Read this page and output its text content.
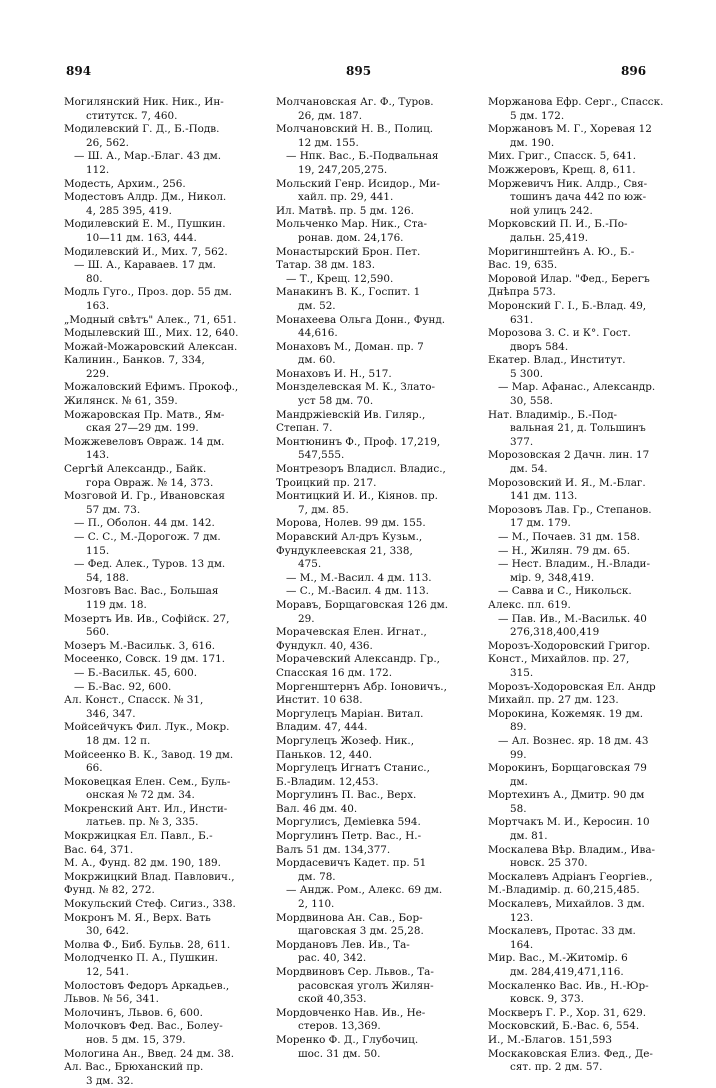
894	895	896
Могилянский Ник. Ник., Ин-
ститутск. 7, 460.
Модилевский Г. Д., Б.-Подв.
26, 562.
— Ш. А., Мар.-Благ. 43 дм.
112.
Модесть, Архим., 256.
Модестовъ Алдр. Дм., Никол.
4, 285 395, 419.
Модилевский Е. М., Пушкин.
10—11 дм. 163, 444.
Модилевский И., Мих. 7, 562.
— Ш. А., Караваев. 17 дм.
80.
Модль Гуго., Проз. дор. 55 дм.
163.
„Модный свѣтъ" Алек., 71, 651.
Модылевский Ш., Мих. 12, 640.
Можай-Можаровский Алексан.
Калинин., Банков. 7, 334,
229.
Можаловский Ефимъ. Прокоф.,
Жилянск. № 61, 359.
Можаровская Пр. Матв., Ям-
ская 27—29 дм. 199.
Можжевеловъ Овраж. 14 дм.
143.
Сергѣй Александр., Байк.
гора Овраж. № 14, 373.
Мозговой И. Гр., Ивановская
57 дм. 73.
— П., Оболон. 44 дм. 142.
— С. С., М.-Дорогож. 7 дм.
115.
— Фед. Алек., Туров. 13 дм.
54, 188.
Мозговъ Вас. Вас., Большая
119 дм. 18.
Мозертъ Ив. Ив., Софійск. 27,
560.
Мозеръ М.-Васильк. 3, 616.
Мосеенко, Совск. 19 дм. 171.
— Б.-Васильк. 45, 600.
— Б.-Вас. 92, 600.
Ал. Конст., Спасск. № 31,
346, 347.
Мойсейчукъ Фил. Лук., Мокр.
18 дм. 12 п.
Мойсеенко В. К., Завод. 19 дм.
66.
Моковецкая Елен. Сем., Буль-
онская № 72 дм. 34.
Мокренский Ант. Ил., Инсти-
латьев. пр. № 3, 335.
Мокржицкая Ел. Павл., Б.-
Вас. 64, 371.
М. А., Фунд. 82 дм. 190, 189.
Мокржицкий Влад. Павлович.,
Фунд. № 82, 272.
Мокульский Стеф. Сигиз., 338.
Мокронъ М. Я., Верх. Вать
30, 642.
Молва Ф., Биб. Бульв. 28, 611.
Молодченко П. А., Пушкин.
12, 541.
Молостовъ Федоръ Аркадьев.,
Львов. № 56, 341.
Молочинъ, Львов. 6, 600.
Молочковъ Фед. Вас., Болеу-
нов. 5 дм. 15, 379.
Мологина Ан., Введ. 24 дм. 38.
Ал. Вас., Брюханский пр.
3 дм. 32.
Молчановская Аг. Ф., Туров.
26, дм. 187.
Молчановский Н. В., Полиц.
12 дм. 155.
— Нпк. Вас., Б.-Подвальная
19, 247,205,275.
Мольский Генр. Исидор., Ми-
хайл. пр. 29, 441.
Ил. Матвѣ. пр. 5 дм. 126.
Мольченко Мар. Ник., Ста-
ронав. дом. 24,176.
Монастырский Брон. Пет.
Татар. 38 дм. 183.
— Т., Крещ. 12,590.
Манакинъ В. К., Госпит. 1
дм. 52.
Монахеева Ольга Донн., Фунд.
44,616.
Монаховъ М., Доман. пр. 7
дм. 60.
Монаховъ И. Н., 517.
Монзделевская М. К., Злато-
уст 58 дм. 70.
Мандржіевскій Ив. Гиляр.,
Степан. 7.
Монтюнинъ Ф., Проф. 17,219,
547,555.
Монтрезоръ Владисл. Владис.,
Троицкий пр. 217.
Монтицкий И. И., Кіянов. пр.
7, дм. 85.
Морова, Нолев. 99 дм. 155.
Моравский Ал-дръ Кузьм.,
Фундуклеевская 21, 338,
475.
— М., М.-Васил. 4 дм. 113.
— С., М.-Васил. 4 дм. 113.
Моравъ, Борщаговская 126 дм.
29.
Морачевская Елен. Игнат.,
Фундукл. 40, 436.
Морачевский Александр. Гр.,
Спасская 16 дм. 172.
Моргенштернъ Абр. Іоновичъ.,
Инстит. 10 638.
Моргулецъ Маріан. Витал.
Владим. 47, 444.
Моргулецъ Жозеф. Ник.,
Паньков. 12, 440.
Моргулецъ Игнатъ Станис.,
Б.-Владим. 12,453.
Моргулинъ П. Вас., Верх.
Вал. 46 дм. 40.
Моргулисъ, Деміевка 594.
Моргулинъ Петр. Вас., Н.-
Валъ 51 дм. 134,377.
Мордасевичъ Кадет. пр. 51
дм. 78.
— Андж. Ром., Алекс. 69 дм.
2, 110.
Мордвинова Ан. Сав., Бор-
щаговская 3 дм. 25,28.
Мордановъ Лев. Ив., Та-
рас. 40, 342.
Мордвиновъ Сер. Львов., Та-
расовская уголъ Жилян-
ской 40,353.
Мордовченко Нав. Ив., Не-
стеров. 13,369.
Моренко Ф. Д., Глубочиц.
шос. 31 дм. 50.
Моржанова Ефр. Серг., Спасск.
5 дм. 172.
Моржановъ М. Г., Хоревая 12
дм. 190.
Мих. Григ., Спасск. 5, 641.
Можжеровъ, Крещ. 8, 611.
Моржевичъ Ник. Алдр., Свя-
тошинъ дача 442 по юж-
ной улицъ 242.
Морковский П. И., Б.-По-
дальн. 25,419.
Моригинштейнъ А. Ю., Б.-
Вас. 19, 635.
Моровой Илар. "Фед., Берегъ
Днѣпра 573.
Моронский Г. І., Б.-Влад. 49,
631.
Морозова З. С. и К°. Гост.
дворъ 584.
Екатер. Влад., Институт.
5 300.
— Мар. Афанас., Александр.
30, 558.
Нат. Владимір., Б.-Под-
вальная 21, д. Тольшинъ
377.
Морозовская 2 Дачн. лин. 17
дм. 54.
Морозовский И. Я., М.-Благ.
141 дм. 113.
Морозовъ Лав. Гр., Степанов.
17 дм. 179.
— М., Почаев. 31 дм. 158.
— Н., Жилян. 79 дм. 65.
— Нест. Владим., Н.-Влади-
мір. 9, 348,419.
— Савва и С., Никольск.
Алекс. пл. 619.
— Пав. Ив., М.-Васильк. 40
276,318,400,419
Морозъ-Ходоровский Григор.
Конст., Михайлов. пр. 27,
315.
Морозъ-Ходоровская Ел. Андр
Михайл. пр. 27 дм. 123.
Морокина, Кожемяк. 19 дм.
89.
— Ал. Вознес. яр. 18 дм. 43
99.
Морокинъ, Борщаговская 79
дм.
Мортехинъ А., Дмитр. 90 дм
58.
Мортчакъ М. И., Керосин. 10
дм. 81.
Москалева Вѣр. Владим., Ива-
новск. 25 370.
Москалевъ Адріанъ Георгіев.,
М.-Владимір. д. 60,215,485.
Москалевъ, Михайлов. 3 дм.
123.
Москалевъ, Протас. 33 дм.
164.
Мир. Вас., М.-Житомір. 6
дм. 284,419,471,116.
Москаленко Вас. Ив., Н.-Юр-
ковск. 9, 373.
Москверъ Г. Р., Хор. 31, 629.
Московский, Б.-Вас. 6, 554.
И., М.-Благов. 151,593
Москаковская Елиз. Фед., Де-
сят. пр. 2 дм. 57.
